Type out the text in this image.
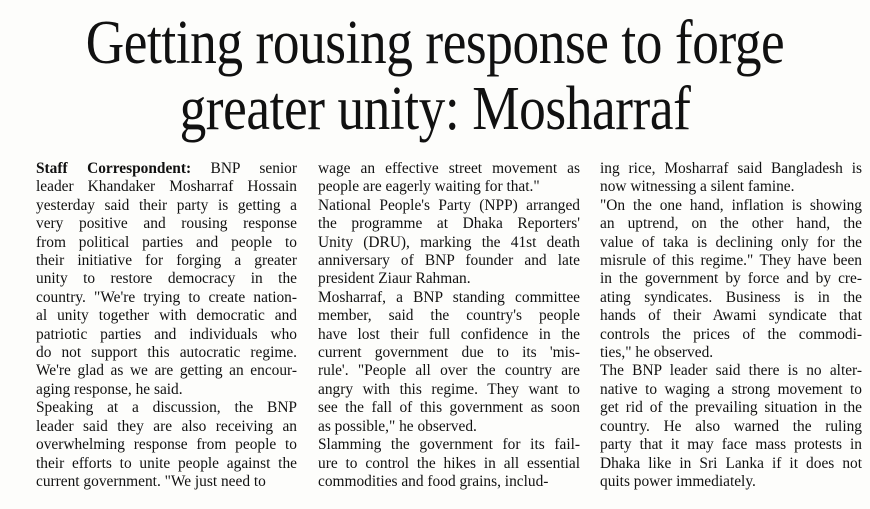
Getting rousing response to forge
greater unity: Mosharraf
Staff Correspondent: BNP senior
leader Khandaker Mosharraf Hossain
yesterday said their party is getting a
very positive and rousing response
from political parties and people to
their initiative for forging a greater
unity to restore democracy in the
country. "We're trying to create nation-
al unity together with democratic and
patriotic parties and individuals who
do not support this autocratic regime.
We're glad as we are getting an encour-
aging response, he said.
Speaking at a discussion, the BNP
leader said they are also receiving an
overwhelming response from people to
their efforts to unite people against the
current government. "We just need to
wage an effective street movement as
people are eagerly waiting for that."
National People's Party (NPP) arranged
the programme at Dhaka Reporters'
Unity (DRU), marking the 41st death
anniversary of BNP founder and late
president Ziaur Rahman.
Mosharraf, a BNP standing committee
member, said the country's people
have lost their full confidence in the
current government due to its 'mis-
rule'. "People all over the country are
angry with this regime. They want to
see the fall of this government as soon
as possible," he observed.
Slamming the government for its fail-
ure to control the hikes in all essential
commodities and food grains, includ-
ing rice, Mosharraf said Bangladesh is
now witnessing a silent famine.
"On the one hand, inflation is showing
an uptrend, on the other hand, the
value of taka is declining only for the
misrule of this regime." They have been
in the government by force and by cre-
ating syndicates. Business is in the
hands of their Awami syndicate that
controls the prices of the commodi-
ties," he observed.
The BNP leader said there is no alter-
native to waging a strong movement to
get rid of the prevailing situation in the
country. He also warned the ruling
party that it may face mass protests in
Dhaka like in Sri Lanka if it does not
quits power immediately.
